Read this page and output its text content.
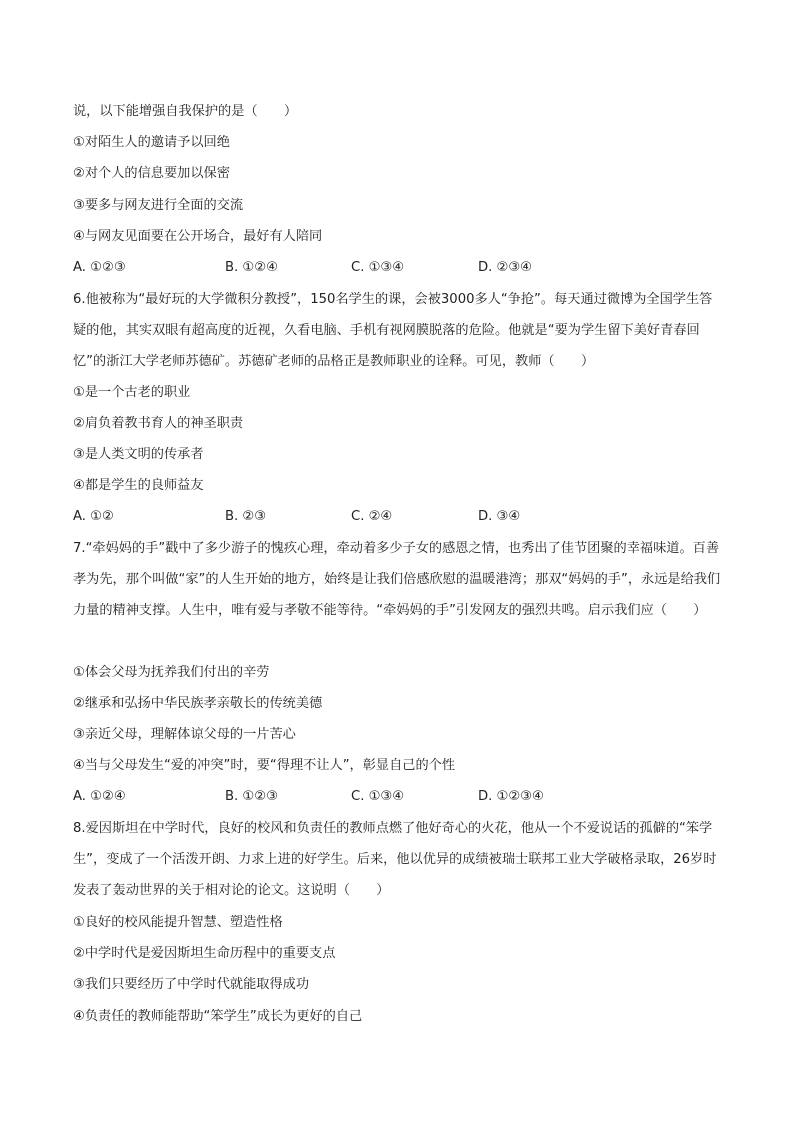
说，以下能增强自我保护的是（　　）
①对陌生人的邀请予以回绝
②对个人的信息要加以保密
③要多与网友进行全面的交流
④与网友见面要在公开场合，最好有人陪同
A. ①②③	B. ①②④	C. ①③④	D. ②③④
6.他被称为“最好玩的大学微积分教授”，150名学生的课，会被3000多人“争抢”。每天通过微博为全国学生答疑的他，其实双眼有超高度的近视，久看电脑、手机有视网膜脱落的危险。他就是“要为学生留下美好青春回忆”的浙江大学老师苏德矿。苏德矿老师的品格正是教师职业的诠释。可见，教师（　　）
①是一个古老的职业
②肩负着教书育人的神圣职责
③是人类文明的传承者
④都是学生的良师益友
A. ①②	B. ②③	C. ②④	D. ③④
7.“牵妈妈的手”戳中了多少游子的愧疚心理，牵动着多少子女的感恩之情，也秀出了佳节团聚的幸福味道。百善孝为先，那个叫做“家”的人生开始的地方，始终是让我们倍感欣慰的温暖港湾；那双“妈妈的手”，永远是给我们力量的精神支撑。人生中，唯有爱与孝敬不能等待。“牵妈妈的手”引发网友的强烈共鸣。启示我们应（　　）
①体会父母为抚养我们付出的辛劳
②继承和弘扬中华民族孝亲敬长的传统美德
③亲近父母，理解体谅父母的一片苦心
④当与父母发生“爱的冲突”时，要“得理不让人”，彰显自己的个性
A. ①②④	B. ①②③	C. ①③④	D. ①②③④
8.爱因斯坦在中学时代，良好的校风和负责任的教师点燃了他好奇心的火花，他从一个不爱说话的孤僻的“笨学生”，变成了一个活泼开朗、力求上进的好学生。后来，他以优异的成绩被瑞士联邦工业大学破格录取，26岁时发表了轰动世界的关于相对论的论文。这说明（　　）
①良好的校风能提升智慧、塑造性格
②中学时代是爱因斯坦生命历程中的重要支点
③我们只要经历了中学时代就能取得成功
④负责任的教师能帮助“笨学生”成长为更好的自己
